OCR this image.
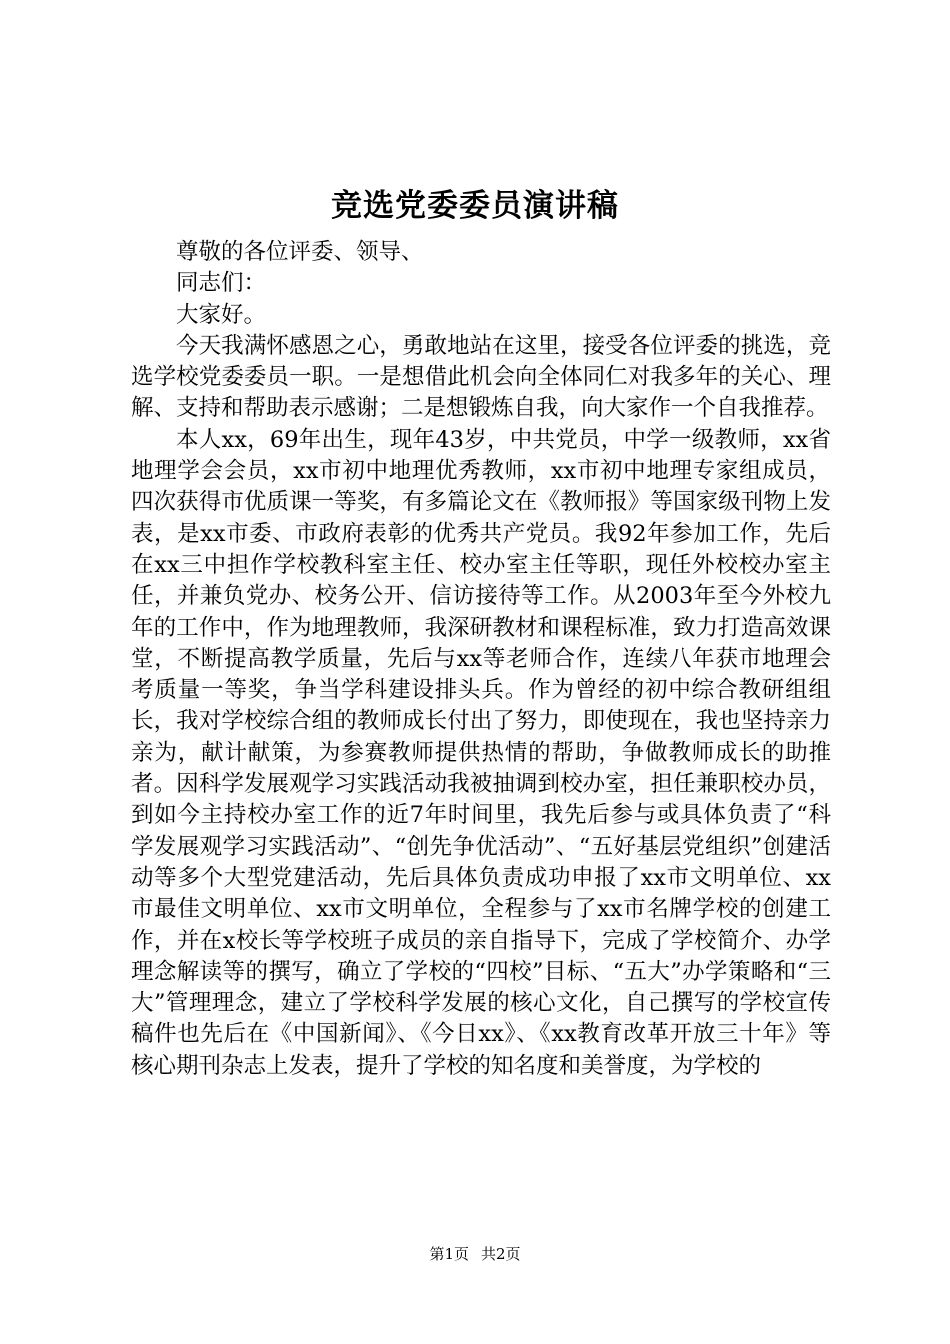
竞选党委委员演讲稿

尊敬的各位评委、领导、

同志们：

大家好。

今天我满怀感恩之心，勇敢地站在这里，接受各位评委的挑选，竞选学校党委委员一职。一是想借此机会向全体同仁对我多年的关心、理解、支持和帮助表示感谢；二是想锻炼自我，向大家作一个自我推荐。

本人xx，69年出生，现年43岁，中共党员，中学一级教师，xx省地理学会会员，xx市初中地理优秀教师，xx市初中地理专家组成员，四次获得市优质课一等奖，有多篇论文在《教师报》等国家级刊物上发表，是xx市委、市政府表彰的优秀共产党员。我92年参加工作，先后在xx三中担作学校教科室主任、校办室主任等职，现任外校校办室主任，并兼负党办、校务公开、信访接待等工作。从2003年至今外校九年的工作中，作为地理教师，我深研教材和课程标准，致力打造高效课堂，不断提高教学质量，先后与xx等老师合作，连续八年获市地理会考质量一等奖，争当学科建设排头兵。作为曾经的初中综合教研组组长，我对学校综合组的教师成长付出了努力，即使现在，我也坚持亲力亲为，献计献策，为参赛教师提供热情的帮助，争做教师成长的助推者。因科学发展观学习实践活动我被抽调到校办室，担任兼职校办员，到如今主持校办室工作的近7年时间里，我先后参与或具体负责了“科学发展观学习实践活动”、“创先争优活动”、“五好基层党组织”创建活动等多个大型党建活动，先后具体负责成功申报了xx市文明单位、xx市最佳文明单位、xx市文明单位，全程参与了xx市名牌学校的创建工作，并在x校长等学校班子成员的亲自指导下，完成了学校简介、办学理念解读等的撰写，确立了学校的“四校”目标、“五大”办学策略和“三大”管理理念，建立了学校科学发展的核心文化，自己撰写的学校宣传稿件也先后在《中国新闻》、《今日xx》、《xx教育改革开放三十年》等核心期刊杂志上发表，提升了学校的知名度和美誉度，为学校的

第1页 共2页
